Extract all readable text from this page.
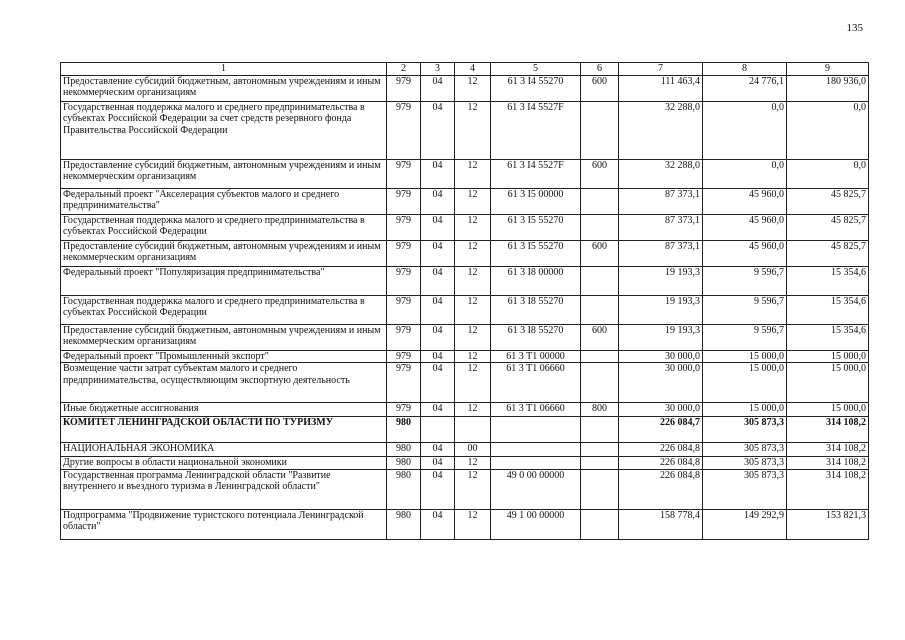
135
1	2	3	4	5	6	7	8	9
Предоставление субсидий бюджетным, автономным учреждениям и иным некоммерческим организациям	979	04	12	61 3 I4 55270	600	111 463,4	24 776,1	180 936,0
Государственная поддержка малого и среднего предпринимательства в субъектах Российской Федерации за счет средств резервного фонда Правительства Российской Федерации	979	04	12	61 3 I4 5527F		32 288,0	0,0	0,0
Предоставление субсидий бюджетным, автономным учреждениям и иным некоммерческим организациям	979	04	12	61 3 I4 5527F	600	32 288,0	0,0	0,0
Федеральный проект "Акселерация субъектов малого и среднего предпринимательства"	979	04	12	61 3 I5 00000		87 373,1	45 960,0	45 825,7
Государственная поддержка малого и среднего предпринимательства в субъектах Российской Федерации	979	04	12	61 3 I5 55270		87 373,1	45 960,0	45 825,7
Предоставление субсидий бюджетным, автономным учреждениям и иным некоммерческим организациям	979	04	12	61 3 I5 55270	600	87 373,1	45 960,0	45 825,7
Федеральный проект "Популяризация предпринимательства"	979	04	12	61 3 I8 00000		19 193,3	9 596,7	15 354,6
Государственная поддержка малого и среднего предпринимательства в субъектах Российской Федерации	979	04	12	61 3 I8 55270		19 193,3	9 596,7	15 354,6
Предоставление субсидий бюджетным, автономным учреждениям и иным некоммерческим организациям	979	04	12	61 3 I8 55270	600	19 193,3	9 596,7	15 354,6
Федеральный проект "Промышленный экспорт"	979	04	12	61 3 T1 00000		30 000,0	15 000,0	15 000,0
Возмещение части затрат субъектам малого и среднего предпринимательства, осуществляющим экспортную деятельность	979	04	12	61 3 T1 06660		30 000,0	15 000,0	15 000,0
Иные бюджетные ассигнования	979	04	12	61 3 T1 06660	800	30 000,0	15 000,0	15 000,0
КОМИТЕТ ЛЕНИНГРАДСКОЙ ОБЛАСТИ ПО ТУРИЗМУ	980					226 084,7	305 873,3	314 108,2
НАЦИОНАЛЬНАЯ ЭКОНОМИКА	980	04	00			226 084,8	305 873,3	314 108,2
Другие вопросы в области национальной экономики	980	04	12			226 084,8	305 873,3	314 108,2
Государственная программа Ленинградской области "Развитие внутреннего и въездного туризма в Ленинградской области"	980	04	12	49 0 00 00000		226 084,8	305 873,3	314 108,2
Подпрограмма "Продвижение туристского потенциала Ленинградской области"	980	04	12	49 1 00 00000		158 778,4	149 292,9	153 821,3
